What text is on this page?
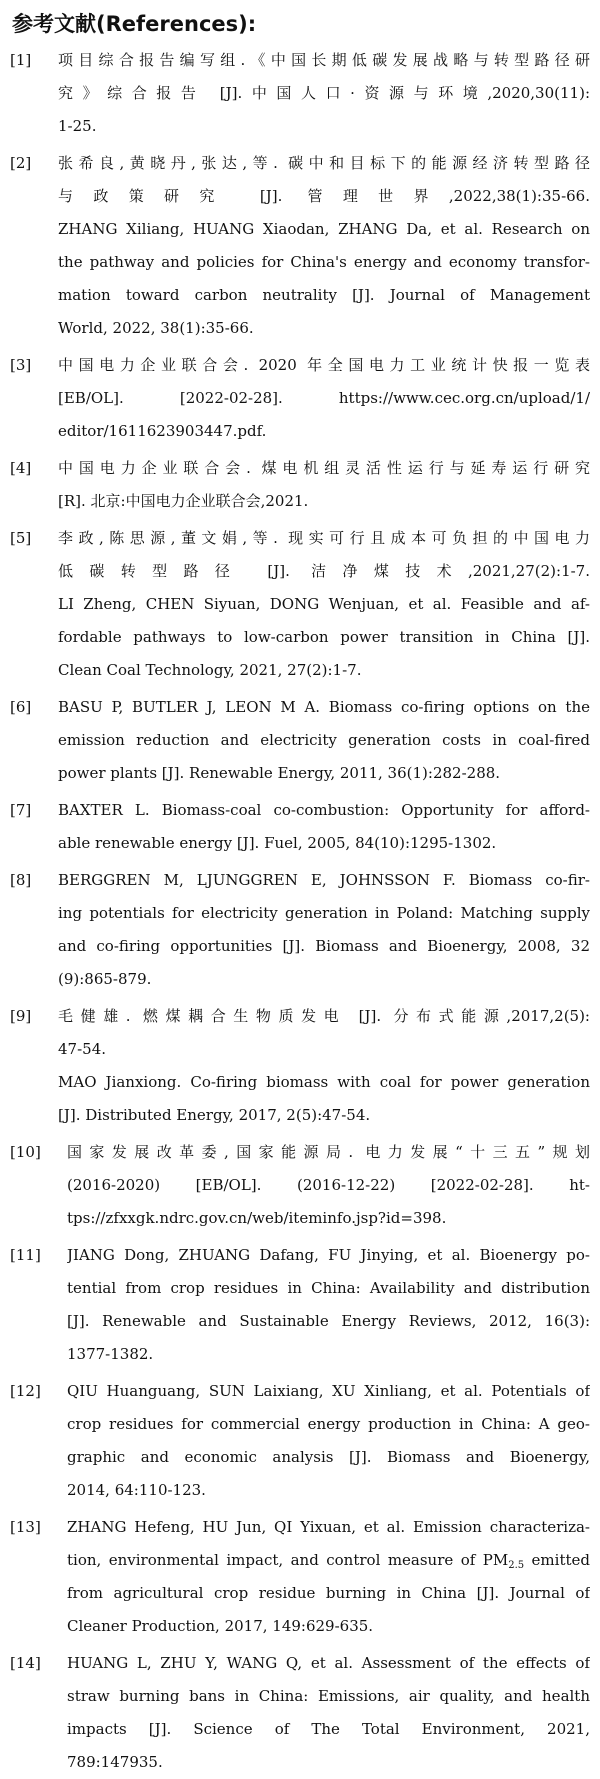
参考文献(References):
[1]	项目综合报告编写组.《中国长期低碳发展战略与转型路径研
究》综合报告 [J].中国人口·资源与环境,2020,30(11):
1-25.
[2]	张希良,黄晓丹,张达,等. 碳中和目标下的能源经济转型路径
与政策研究 [J]. 管理世界,2022,38(1):35-66.
ZHANG Xiliang, HUANG Xiaodan, ZHANG Da, et al. Research on
the pathway and policies for China's energy and economy transfor-
mation toward carbon neutrality [J]. Journal of Management
World, 2022, 38(1):35-66.
[3]	中国电力企业联合会. 2020 年全国电力工业统计快报一览表
[EB/OL]. [2022-02-28]. https://www.cec.org.cn/upload/1/
editor/1611623903447.pdf.
[4]	中国电力企业联合会. 煤电机组灵活性运行与延寿运行研究
[R]. 北京:中国电力企业联合会,2021.
[5]	李政,陈思源,董文娟,等. 现实可行且成本可负担的中国电力
低碳转型路径 [J]. 洁净煤技术,2021,27(2):1-7.
LI Zheng, CHEN Siyuan, DONG Wenjuan, et al. Feasible and af-
fordable pathways to low-carbon power transition in China [J].
Clean Coal Technology, 2021, 27(2):1-7.
[6]	BASU P, BUTLER J, LEON M A. Biomass co-firing options on the
emission reduction and electricity generation costs in coal-fired
power plants [J]. Renewable Energy, 2011, 36(1):282-288.
[7]	BAXTER L. Biomass-coal co-combustion: Opportunity for afford-
able renewable energy [J]. Fuel, 2005, 84(10):1295-1302.
[8]	BERGGREN M, LJUNGGREN E, JOHNSSON F. Biomass co-fir-
ing potentials for electricity generation in Poland: Matching supply
and co-firing opportunities [J]. Biomass and Bioenergy, 2008, 32
(9):865-879.
[9]	毛健雄. 燃煤耦合生物质发电 [J]. 分布式能源,2017,2(5):
47-54.
MAO Jianxiong. Co-firing biomass with coal for power generation
[J]. Distributed Energy, 2017, 2(5):47-54.
[10]	国家发展改革委,国家能源局. 电力发展“十三五”规划
(2016-2020) [EB/OL]. (2016-12-22) [2022-02-28]. ht-
tps://zfxxgk.ndrc.gov.cn/web/iteminfo.jsp?id=398.
[11]	JIANG Dong, ZHUANG Dafang, FU Jinying, et al. Bioenergy po-
tential from crop residues in China: Availability and distribution
[J]. Renewable and Sustainable Energy Reviews, 2012, 16(3):
1377-1382.
[12]	QIU Huanguang, SUN Laixiang, XU Xinliang, et al. Potentials of
crop residues for commercial energy production in China: A geo-
graphic and economic analysis [J]. Biomass and Bioenergy,
2014, 64:110-123.
[13]	ZHANG Hefeng, HU Jun, QI Yixuan, et al. Emission characteriza-
tion, environmental impact, and control measure of $PM_{2.5}$ emitted
from agricultural crop residue burning in China [J]. Journal of
Cleaner Production, 2017, 149:629-635.
[14]	HUANG L, ZHU Y, WANG Q, et al. Assessment of the effects of
straw burning bans in China: Emissions, air quality, and health
impacts [J]. Science of The Total Environment, 2021,
789:147935.
